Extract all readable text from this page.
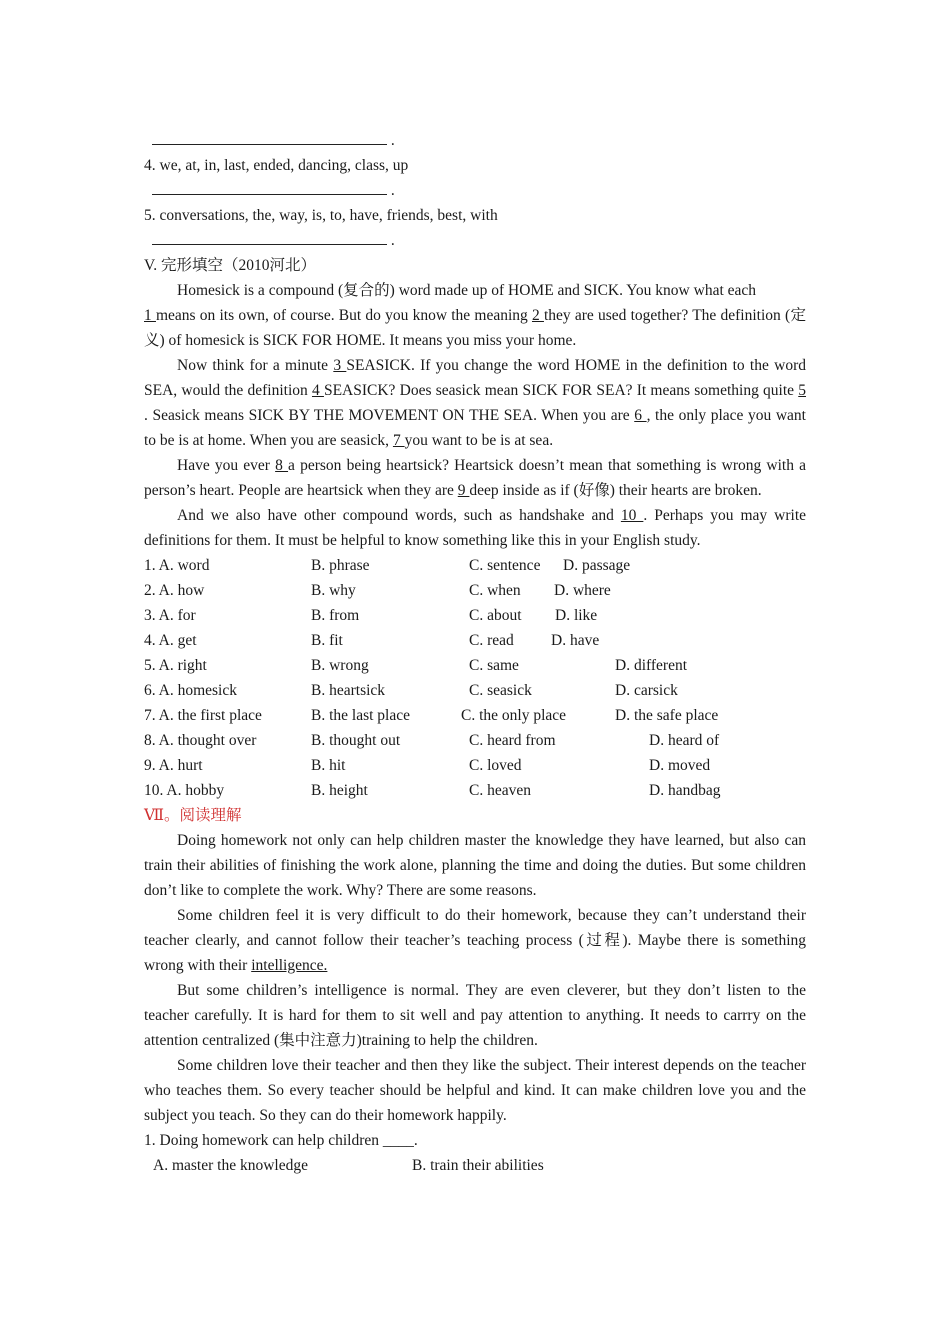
.
4. we, at, in, last, ended, dancing, class, up
.
5. conversations, the, way, is, to, have, friends, best, with
.
V. 完形填空（2010河北）
Homesick is a compound (复合的) word made up of HOME and SICK. You know what each
1 means on its own, of course. But do you know the meaning 2 they are used together? The definition (定义) of homesick is SICK FOR HOME. It means you miss your home.
Now think for a minute 3 SEASICK. If you change the word HOME in the definition to the word SEA, would the definition 4 SEASICK? Does seasick mean SICK FOR SEA? It means something quite 5 . Seasick means SICK BY THE MOVEMENT ON THE SEA. When you are 6 , the only place you want to be is at home. When you are seasick, 7 you want to be is at sea.
Have you ever 8 a person being heartsick? Heartsick doesn’t mean that something is wrong with a person’s heart. People are heartsick when they are 9 deep inside as if (好像) their hearts are broken.
And we also have other compound words, such as handshake and 10 . Perhaps you may write definitions for them. It must be helpful to know something like this in your English study.
1. A. word	B. phrase	C. sentence D. passage
2. A. how	B. why	C. when D. where
3. A. for	B. from	C. about D. like
4. A. get	B. fit	C. read D. have
5. A. right	B. wrong	C. same	D. different
6. A. homesick	B. heartsick	C. seasick	D. carsick
7. A. the first place	B. the last place	C. the only place	D. the safe place
8. A. thought over	B. thought out	C. heard from	D. heard of
9. A. hurt	B. hit	C. loved	D. moved
10. A. hobby	B. height	C. heaven	D. handbag
Ⅶ。阅读理解
Doing homework not only can help children master the knowledge they have learned, but also can train their abilities of finishing the work alone, planning the time and doing the duties. But some children don’t like to complete the work. Why? There are some reasons.
Some children feel it is very difficult to do their homework, because they can’t understand their teacher clearly, and cannot follow their teacher’s teaching process (过程). Maybe there is something wrong with their intelligence.
But some children’s intelligence is normal. They are even cleverer, but they don’t listen to the teacher carefully. It is hard for them to sit well and pay attention to anything. It needs to carrry on the attention centralized (集中注意力)training to help the children.
Some children love their teacher and then they like the subject. Their interest depends on the teacher who teaches them. So every teacher should be helpful and kind. It can make children love you and the subject you teach. So they can do their homework happily.
1. Doing homework can help children ____.
A. master the knowledge	B. train their abilities
